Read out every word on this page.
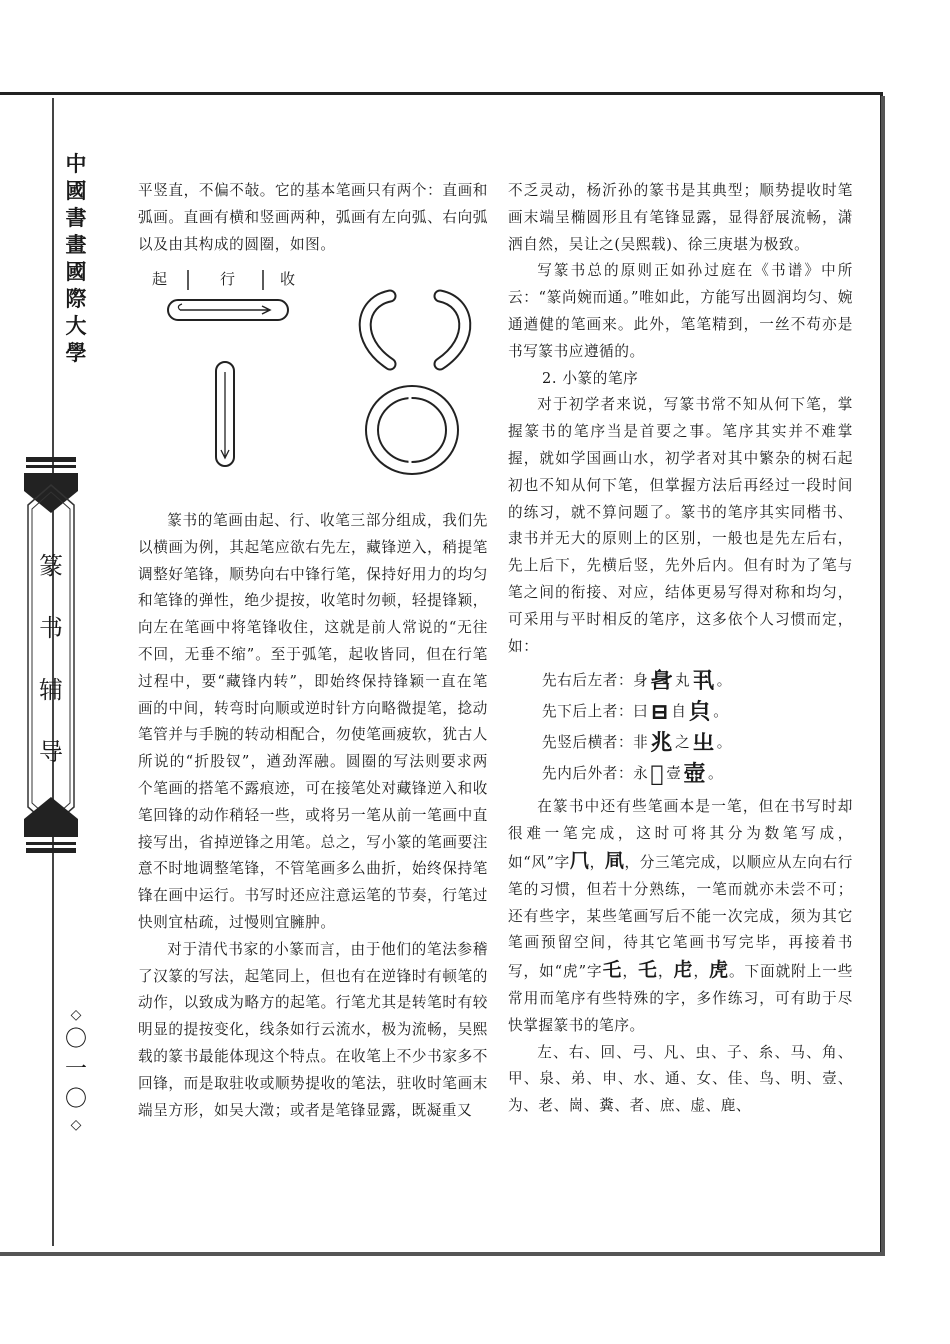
中
國
書
畫
國
際
大
學
篆
书
辅
导
◇
〇
一
〇
◇

平竖直，不偏不敧。它的基本笔画只有两个：直画和弧画。直画有横和竖画两种，弧画有左向弧、右向弧以及由其构成的圆圈，如图。

起	行	收

篆书的笔画由起、行、收笔三部分组成，我们先以横画为例，其起笔应欲右先左，藏锋逆入，稍提笔调整好笔锋，顺势向右中锋行笔，保持好用力的均匀和笔锋的弹性，绝少提按，收笔时勿顿，轻提锋颖，向左在笔画中将笔锋收住，这就是前人常说的“无往不回，无垂不缩”。至于弧笔，起收皆同，但在行笔过程中，要“藏锋内转”，即始终保持锋颖一直在笔画的中间，转弯时向顺或逆时针方向略微提笔，捻动笔管并与手腕的转动相配合，勿使笔画疲软，犹古人所说的“折股钗”，遒劲浑融。圆圈的写法则要求两个笔画的搭笔不露痕迹，可在接笔处对藏锋逆入和收笔回锋的动作稍轻一些，或将另一笔从前一笔画中直接写出，省掉逆锋之用笔。总之，写小篆的笔画要注意不时地调整笔锋，不管笔画多么曲折，始终保持笔锋在画中运行。书写时还应注意运笔的节奏，行笔过快则宜枯疏，过慢则宜臃肿。

对于清代书家的小篆而言，由于他们的笔法参稽了汉篆的写法，起笔同上，但也有在逆锋时有顿笔的动作，以致成为略方的起笔。行笔尤其是转笔时有较明显的提按变化，线条如行云流水，极为流畅，吴熙载的篆书最能体现这个特点。在收笔上不少书家多不回锋，而是取驻收或顺势提收的笔法，驻收时笔画末端呈方形，如吴大澂；或者是笔锋显露，既凝重又

不乏灵动，杨沂孙的篆书是其典型；顺势提收时笔画末端呈椭圆形且有笔锋显露，显得舒展流畅，潇洒自然，吴让之(吴熙载)、徐三庚堪为极致。

写篆书总的原则正如孙过庭在《书谱》中所云：“篆尚婉而通。”唯如此，方能写出圆润均匀、婉通遒健的笔画来。此外，笔笔精到，一丝不苟亦是书写篆书应遵循的。

2. 小篆的笔序

对于初学者来说，写篆书常不知从何下笔，掌握篆书的笔序当是首要之事。笔序其实并不难掌握，就如学国画山水，初学者对其中繁杂的树石起初也不知从何下笔，但掌握方法后再经过一段时间的练习，就不算问题了。篆书的笔序其实同楷书、隶书并无大的原则上的区别，一般也是先左后右，先上后下，先横后竖，先外后内。但有时为了笔与笔之间的衔接、对应，结体更易写得对称和均匀，可采用与平时相反的笔序，这多依个人习惯而定，如：

先右后左者： 身 𨈖 丸 丮 。
先下后上者： 曰 ⊟ 自 㒵 。
先竖后横者： 非 兆 之 㞢 。
先内后外者： 永 𣱵 壹 壺 。

在篆书中还有些笔画本是一笔，但在书写时却很难一笔完成，这时可将其分为数笔写成，如“风”字𠘨，凬，分三笔完成，以顺应从左向右行笔的习惯，但若十分熟练，一笔而就亦未尝不可；还有些字，某些笔画写后不能一次完成，须为其它笔画预留空间，待其它笔画书写完毕，再接着书写，如“虎”字乇，乇，虍，虎。下面就附上一些常用而笔序有些特殊的字，多作练习，可有助于尽快掌握篆书的笔序。

左、右、回、弓、凡、虫、子、糸、马、角、甲、泉、弟、申、水、通、女、佳、鸟、明、壹、为、老、崗、糞、者、庶、虚、鹿、
